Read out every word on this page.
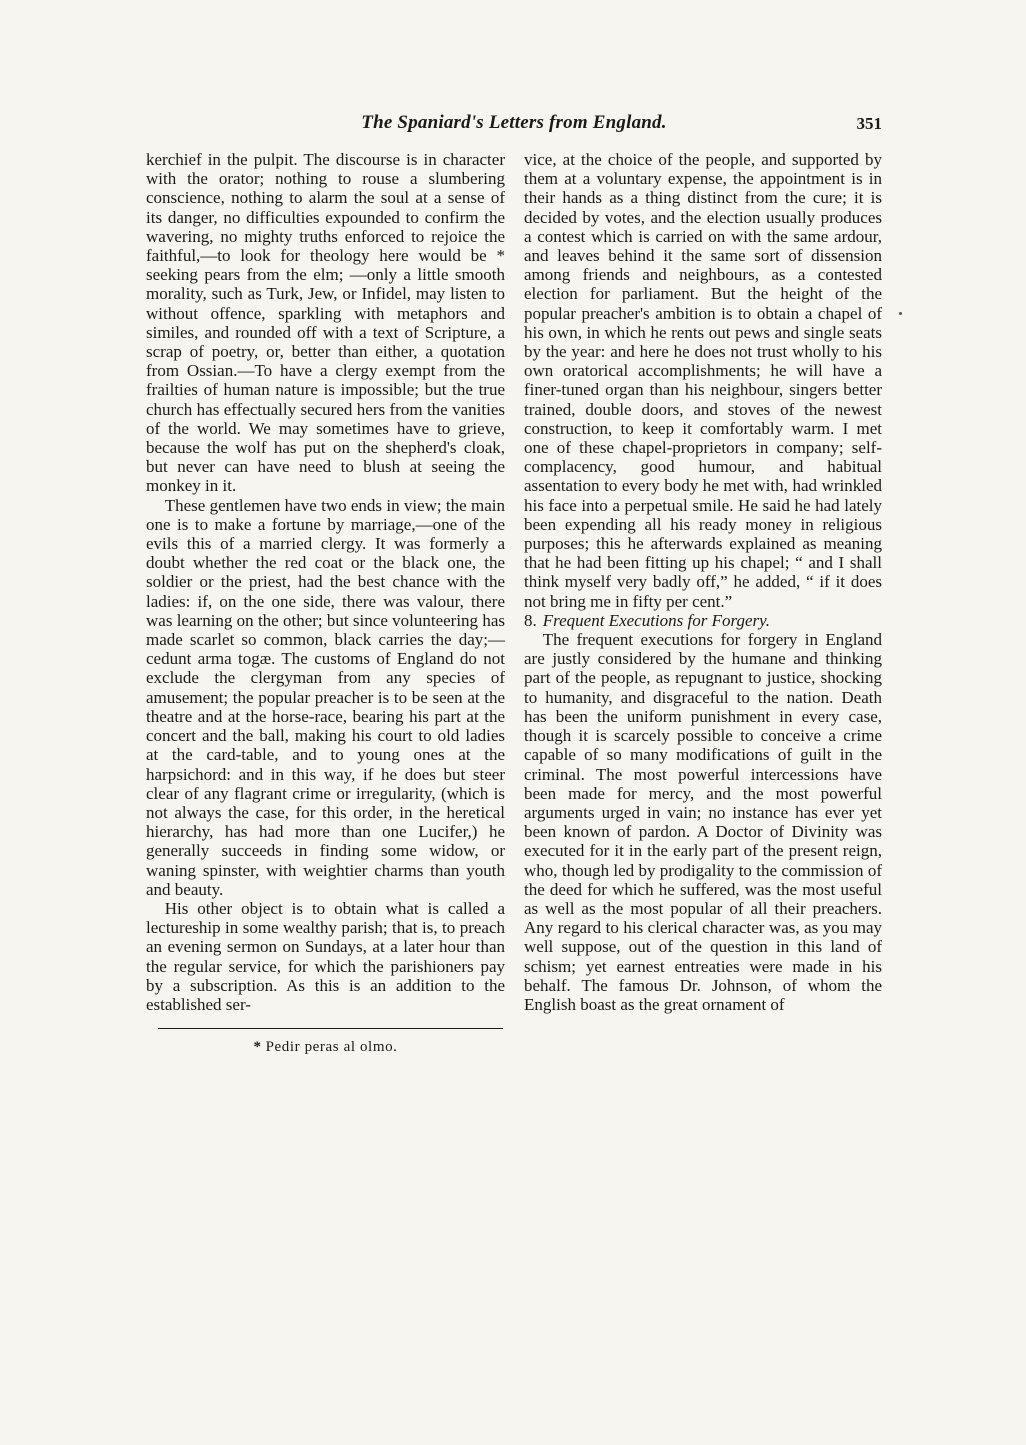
The Spaniard's Letters from England.	351

kerchief in the pulpit. The discourse is in character with the orator; nothing to rouse a slumbering conscience, nothing to alarm the soul at a sense of its danger, no difficulties expounded to confirm the wavering, no mighty truths enforced to rejoice the faithful,—to look for theology here would be * seeking pears from the elm; —only a little smooth morality, such as Turk, Jew, or Infidel, may listen to without offence, sparkling with metaphors and similes, and rounded off with a text of Scripture, a scrap of poetry, or, better than either, a quotation from Ossian.—To have a clergy exempt from the frailties of human nature is impossible; but the true church has effectually secured hers from the vanities of the world. We may sometimes have to grieve, because the wolf has put on the shepherd's cloak, but never can have need to blush at seeing the monkey in it.

These gentlemen have two ends in view; the main one is to make a fortune by marriage,—one of the evils this of a married clergy. It was formerly a doubt whether the red coat or the black one, the soldier or the priest, had the best chance with the ladies: if, on the one side, there was valour, there was learning on the other; but since volunteering has made scarlet so common, black carries the day;—cedunt arma togæ. The customs of England do not exclude the clergyman from any species of amusement; the popular preacher is to be seen at the theatre and at the horse-race, bearing his part at the concert and the ball, making his court to old ladies at the card-table, and to young ones at the harpsichord: and in this way, if he does but steer clear of any flagrant crime or irregularity, (which is not always the case, for this order, in the heretical hierarchy, has had more than one Lucifer,) he generally succeeds in finding some widow, or waning spinster, with weightier charms than youth and beauty.

His other object is to obtain what is called a lectureship in some wealthy parish; that is, to preach an evening sermon on Sundays, at a later hour than the regular service, for which the parishioners pay by a subscription. As this is an addition to the established ser-

* Pedir peras al olmo.

vice, at the choice of the people, and supported by them at a voluntary expense, the appointment is in their hands as a thing distinct from the cure; it is decided by votes, and the election usually produces a contest which is carried on with the same ardour, and leaves behind it the same sort of dissension among friends and neighbours, as a contested election for parliament. But the height of the popular preacher's ambition is to obtain a chapel of his own, in which he rents out pews and single seats by the year: and here he does not trust wholly to his own oratorical accomplishments; he will have a finer-tuned organ than his neighbour, singers better trained, double doors, and stoves of the newest construction, to keep it comfortably warm. I met one of these chapel-proprietors in company; self-complacency, good humour, and habitual assentation to every body he met with, had wrinkled his face into a perpetual smile. He said he had lately been expending all his ready money in religious purposes; this he afterwards explained as meaning that he had been fitting up his chapel; “ and I shall think myself very badly off,” he added, “ if it does not bring me in fifty per cent.”

8. Frequent Executions for Forgery.

The frequent executions for forgery in England are justly considered by the humane and thinking part of the people, as repugnant to justice, shocking to humanity, and disgraceful to the nation. Death has been the uniform punishment in every case, though it is scarcely possible to conceive a crime capable of so many modifications of guilt in the criminal. The most powerful intercessions have been made for mercy, and the most powerful arguments urged in vain; no instance has ever yet been known of pardon. A Doctor of Divinity was executed for it in the early part of the present reign, who, though led by prodigality to the commission of the deed for which he suffered, was the most useful as well as the most popular of all their preachers. Any regard to his clerical character was, as you may well suppose, out of the question in this land of schism; yet earnest entreaties were made in his behalf. The famous Dr. Johnson, of whom the English boast as the great ornament of
